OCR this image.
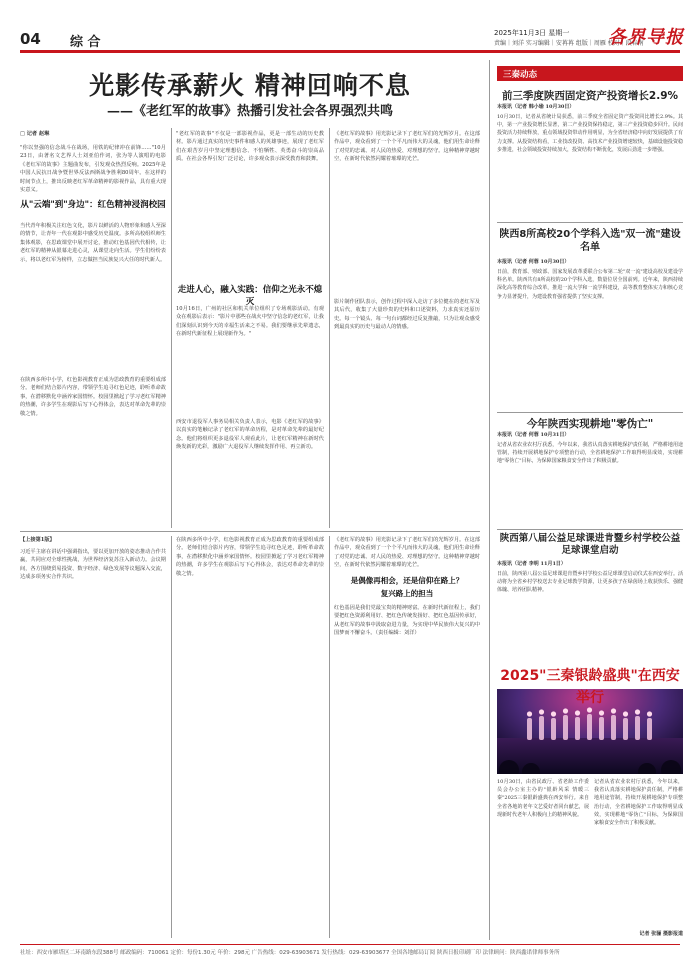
04 综 合
2025年11月3日 星期一
责编｜刘洋 实习编辑｜安苒苒 组版｜周雁 校对｜段春南
各界导报
光影传承薪火 精神回响不息
——《老红军的故事》热播引发社会各界强烈共鸣
□ 记者 赵琳
"你以坚强的信念战斗在战场，用铁的纪律冲在前锋……"10月23日，由著名文艺界人士刘亚伯作词，张为等人演唱的电影《老红军的故事》主题曲发布，引发观众热烈反响。2025年是中国人民抗日战争暨世界反法西斯战争胜利80周年。在这样的时间节点上，推出反映老红军革命精神的影视作品，具有重大现实意义。
从"云端"到"身边"：红色精神浸润校园
当代青年积极关注红色文化，影片以鲜活的人物形象和感人至深的情节，让青年一代在观影中感受历史温度。多所高校组织师生集体观影，在思政课堂中展开讨论，推动红色基因代代相传，让老红军的精神从银幕走进心灵，从课堂走向生活。学生们纷纷表示，将以老红军为榜样，立志做担当民族复兴大任的时代新人。
在陕西多所中小学，红色影视教育正成为思政教育的重要组成部分。老师们结合影片内容，带领学生追寻红色足迹，聆听革命故事，在潜移默化中涵养家国情怀。校园里掀起了学习老红军精神的热潮，许多学生在观影后写下心得体会，表达对革命先辈的崇敬之情。
"老红军的故事"不仅是一部影视作品，更是一部生动的历史教材。影片通过真实的历史事件和感人的英雄事迹，展现了老红军们在艰苦岁月中坚定理想信念、不怕牺牲、英勇奋斗的崇高品质。在社会各界引发广泛讨论，许多观众表示深受教育和鼓舞。
走进人心，融入实践：信仰之光永不熄灭
10月16日，广州的社区和机关单位组织了专场观影活动。有观众在观影后表示："影片中那些在战火中坚守信念的老红军，让我们深刻认识到今天的幸福生活来之不易。我们要继承先辈遗志，在新时代新征程上展现新作为。"
西安市退役军人事务局相关负责人表示，电影《老红军的故事》以真实的笔触记录了老红军的革命历程，是对革命先辈的最好纪念。他们将组织更多退役军人观看此片，让老红军精神在新时代焕发新的光彩，激励广大退役军人继续发挥作用、再立新功。
《老红军的故事》用光影记录下了老红军们的光辉岁月。在这部作品中，观众看到了一个个平凡而伟大的灵魂，他们用生命诠释了对党的忠诚、对人民的热爱、对理想的坚守。这种精神穿越时空，在新时代依然闪耀着璀璨的光芒。
影片制作团队表示，创作过程中深入走访了多位健在的老红军及其后代，收集了大量珍贵的史料和口述资料，力求真实还原历史。每一个镜头、每一句台词都经过反复推敲，只为让观众感受到最真实的历史与最动人的情感。
【上接第1版】
习近平主席在讲话中强调指出，要以更加开放的姿态推动合作共赢，共同应对全球性挑战，为世界经济复苏注入新动力。会议期间，各方围绕贸易投资、数字经济、绿色发展等议题深入交流，达成多项务实合作共识。
在陕西多所中小学，红色影视教育正成为思政教育的重要组成部分。老师们结合影片内容，带领学生追寻红色足迹，聆听革命故事，在潜移默化中涵养家国情怀。校园里掀起了学习老红军精神的热潮，许多学生在观影后写下心得体会，表达对革命先辈的崇敬之情。
是偶像再相会，还是信仰在路上？
复兴路上的担当
《老红军的故事》用光影记录下了老红军们的光辉岁月。在这部作品中，观众看到了一个个平凡而伟大的灵魂，他们用生命诠释了对党的忠诚、对人民的热爱、对理想的坚守。这种精神穿越时空，在新时代依然闪耀着璀璨的光芒。
红色基因是我们党最宝贵的精神财富。在新时代新征程上，我们要把红色资源利用好、把红色传统发扬好、把红色基因传承好，从老红军的故事中汲取奋进力量，为实现中华民族伟大复兴的中国梦而不懈奋斗。（责任编辑：刘洋）
三秦动态
前三季度陕西固定资产投资增长2.9%
本报讯（记者 韩小瑜 10月30日）
10月30日，记者从省统计局获悉，前三季度全省固定资产投资同比增长2.9%。其中，第一产业投资增长显著，第二产业投资保持稳定，第三产业投资稳步回升。民间投资活力持续释放，重点领域投资带动作用明显，为全省经济稳中向好发展提供了有力支撑。从投资结构看，工业技改投资、高技术产业投资增速较快，基础设施投资稳步推进，社会领域投资持续加大，投资结构不断优化，发展后劲进一步增强。
陕西8所高校20个学科入选"双一流"建设名单
本报讯（记者 何蓉 10月30日）
日前，教育部、财政部、国家发展改革委联合公布第二轮"双一流"建设高校及建设学科名单。陕西共有8所高校的20个学科入选，数量位居全国前列。近年来，陕西持续深化高等教育综合改革，推进一流大学和一流学科建设，高等教育整体实力和核心竞争力显著提升，为建设教育强省提供了坚实支撑。
今年陕西实现耕地"零伪亡"
本报讯（记者 何蓉 10月31日）
记者从省农业农村厅获悉，今年以来，我省认真落实耕地保护责任制，严格耕地用途管制，持续开展耕地保护专项整治行动，全省耕地保护工作取得明显成效，实现耕地"零伪亡"目标，为保障国家粮食安全作出了积极贡献。
陕西第八届公益足球课进肯暨乡村学校公益足球课堂启动
本报讯（记者 李明 11月1日）
日前，陕西第八届公益足球课进肯暨乡村学校公益足球课堂启动仪式在西安举行。活动将为全省乡村学校送去专业足球教学资源，让更多孩子在绿茵场上收获快乐、强健体魄、培养团队精神。
2025"三秦银龄盛典"在西安举行
10月30日，由省民政厅、省老龄工作委员会办公室主办的"银龄风采 情暖三秦"2025三秦银龄盛典在西安举行。来自全省各地的老年文艺爱好者同台献艺，展现新时代老年人积极向上的精神风貌。
记者从省农业农村厅获悉，今年以来，我省认真落实耕地保护责任制，严格耕地用途管制，持续开展耕地保护专项整治行动，全省耕地保护工作取得明显成效，实现耕地"零伪亡"目标，为保障国家粮食安全作出了积极贡献。
记者 张骊 摄影报道
社址：西安市雁塔区二环南路东段388号 邮政编码：710061 定价：每份1.30元 年价：298元 广告热线：029-63903671 发行热线：029-63903677 全国各地邮局订阅 陕西日报印刷厂印 法律顾问：陕西鑫诺律师事务所
